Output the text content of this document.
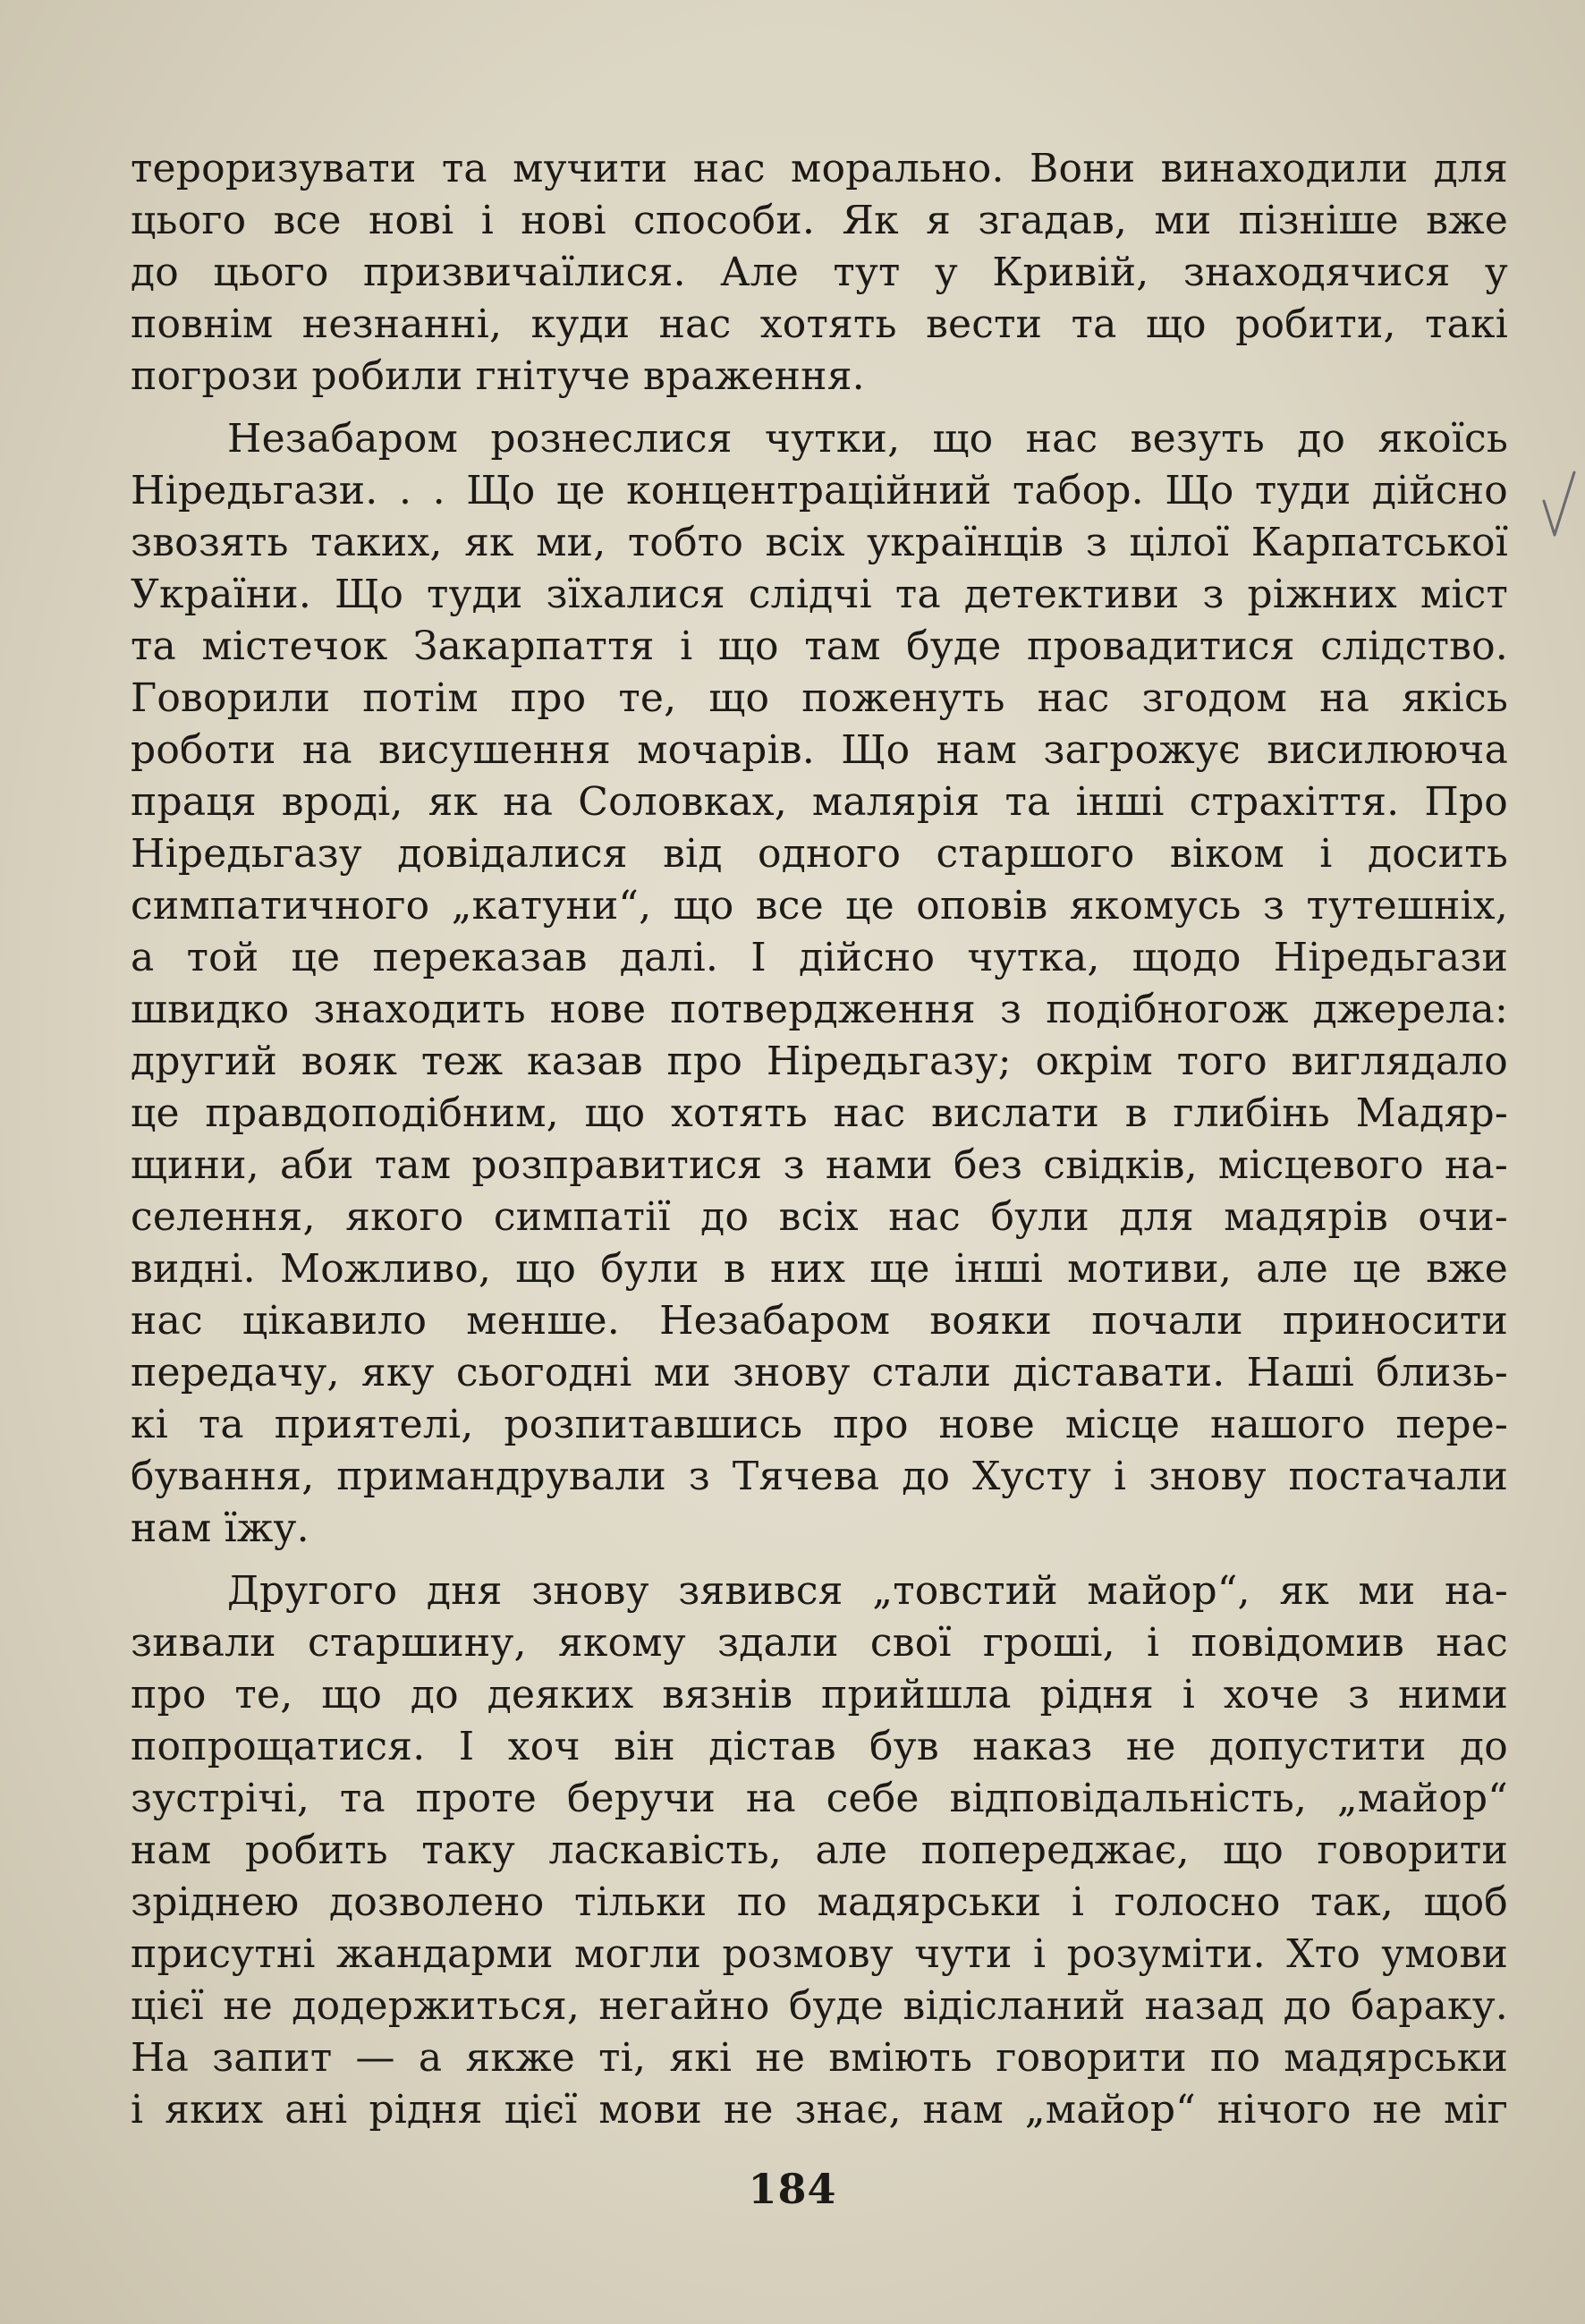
тероризувати та мучити нас морально. Вони винаходили для
цього все нові і нові способи. Як я згадав, ми пізніше вже
до цього призвичаїлися. Але тут у Кривій, знаходячися у
повнім незнанні, куди нас хотять вести та що робити, такі
погрози робили гнітуче враження.
Незабаром рознеслися чутки, що нас везуть до якоїсь
Ніредьгази. . . Що це концентраційний табор. Що туди дійсно
звозять таких, як ми, тобто всіх українців з цілої Карпатської
України. Що туди зїхалися слідчі та детективи з ріжних міст
та містечок Закарпаття і що там буде провадитися слідство.
Говорили потім про те, що поженуть нас згодом на якісь
роботи на висушення мочарів. Що нам загрожує висилююча
праця вроді, як на Соловках, малярія та інші страхіття. Про
Ніредьгазу довідалися від одного старшого віком і досить
симпатичного „катуни“, що все це оповів якомусь з тутешніх,
а той це переказав далі. І дійсно чутка, щодо Ніредьгази
швидко знаходить нове потвердження з подібногож джерела:
другий вояк теж казав про Ніредьгазу; окрім того виглядало
це правдоподібним, що хотять нас вислати в глибінь Мадяр-
щини, аби там розправитися з нами без свідків, місцевого на-
селення, якого симпатії до всіх нас були для мадярів очи-
видні. Можливо, що були в них ще інші мотиви, але це вже
нас цікавило менше. Незабаром вояки почали приносити
передачу, яку сьогодні ми знову стали діставати. Наші близь-
кі та приятелі, розпитавшись про нове місце нашого пере-
бування, примандрували з Тячева до Хусту і знову постачали
нам їжу.
Другого дня знову зявився „товстий майор“, як ми на-
зивали старшину, якому здали свої гроші, і повідомив нас
про те, що до деяких вязнів прийшла рідня і хоче з ними
попрощатися. І хоч він дістав був наказ не допустити до
зустрічі, та проте беручи на себе відповідальність, „майор“
нам робить таку ласкавість, але попереджає, що говорити
зріднею дозволено тільки по мадярськи і голосно так, щоб
присутні жандарми могли розмову чути і розуміти. Хто умови
цієї не додержиться, негайно буде відісланий назад до бараку.
На запит — а якже ті, які не вміють говорити по мадярськи
і яких ані рідня цієї мови не знає, нам „майор“ нічого не міг
184
